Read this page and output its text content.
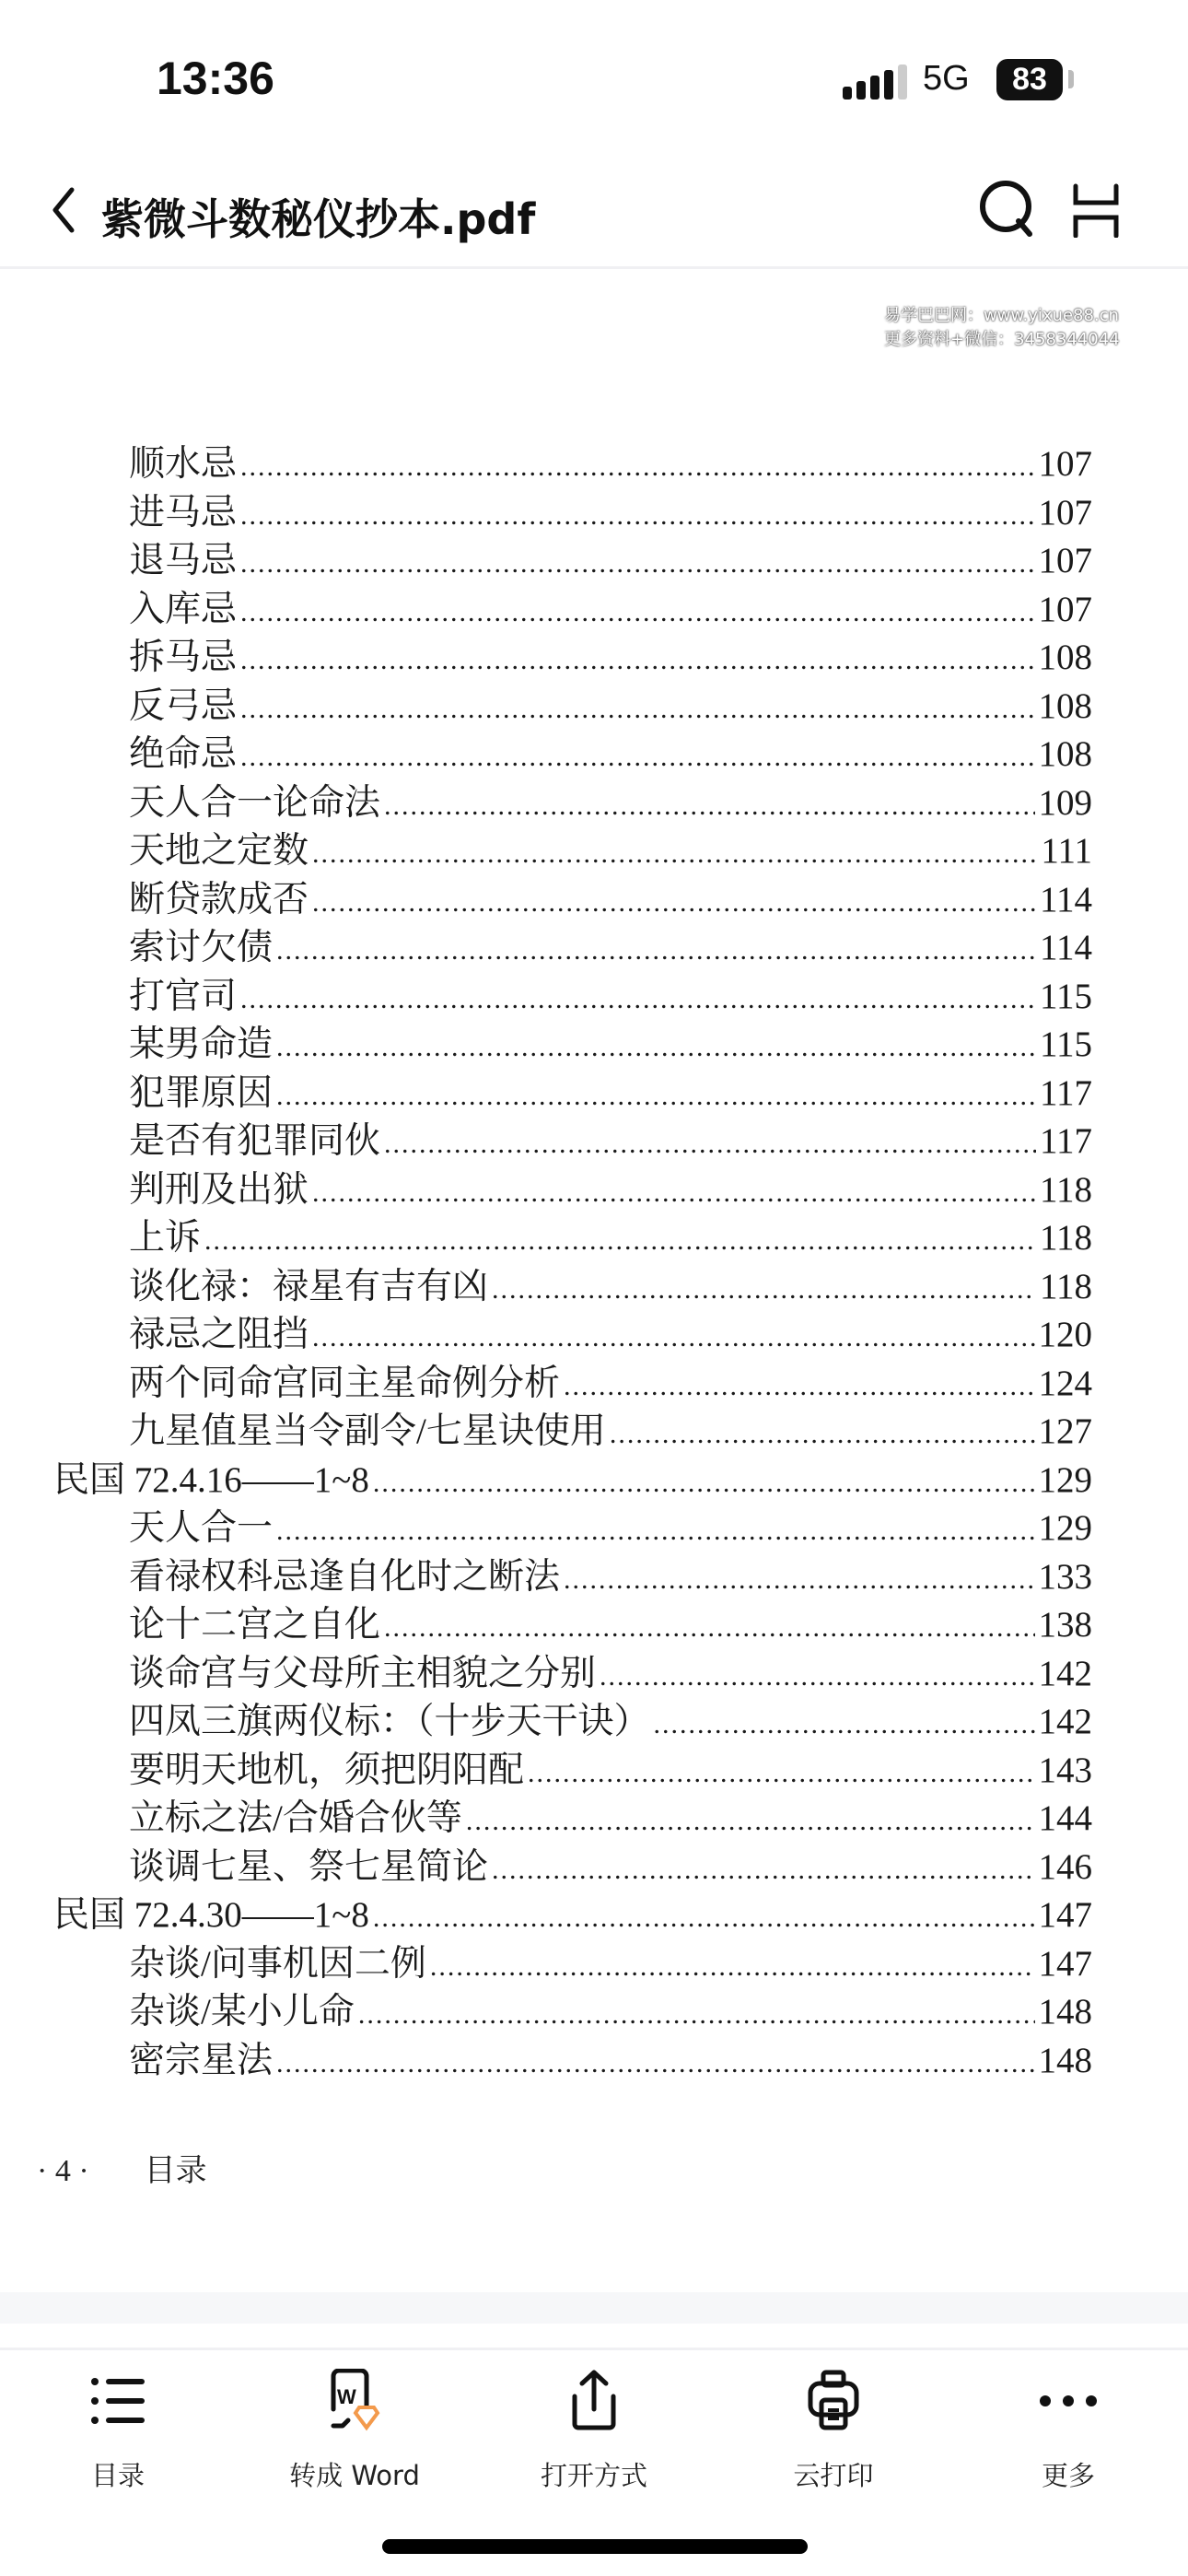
13:36	5G	83
紫微斗数秘仪抄本.pdf
顺水忌 .....	107
进马忌 .....	107
退马忌 .....	107
入库忌 .....	107
拆马忌 .....	108
反弓忌 .....	108
绝命忌 .....	108
天人合一论命法 .....	109
天地之定数 .....	111
断贷款成否 .....	114
索讨欠债 .....	114
打官司 .....	115
某男命造 .....	115
犯罪原因 .....	117
是否有犯罪同伙 .....	117
判刑及出狱 .....	118
上诉 .....	118
谈化禄：禄星有吉有凶 .....	118
禄忌之阻挡 .....	120
两个同命宫同主星命例分析 .....	124
九星值星当令副令/七星诀使用 .....	127
民国 72.4.16——1~8 .....	129
天人合一 .....	129
看禄权科忌逢自化时之断法 .....	133
论十二宫之自化 .....	138
谈命宫与父母所主相貌之分别 .....	142
四凤三旗两仪标：（十步天干诀） .....	142
要明天地机，须把阴阳配 .....	143
立标之法/合婚合伙等 .....	144
谈调七星、祭七星简论 .....	146
民国 72.4.30——1~8 .....	147
杂谈/问事机因二例 .....	147
杂谈/某小儿命 .....	148
密宗星法 .....	148
· 4 · 目录
易学巴巴网：www.yixue88.cn
更多资料+微信：3458344044
目录
W
转成 Word	打开方式	云打印	更多
